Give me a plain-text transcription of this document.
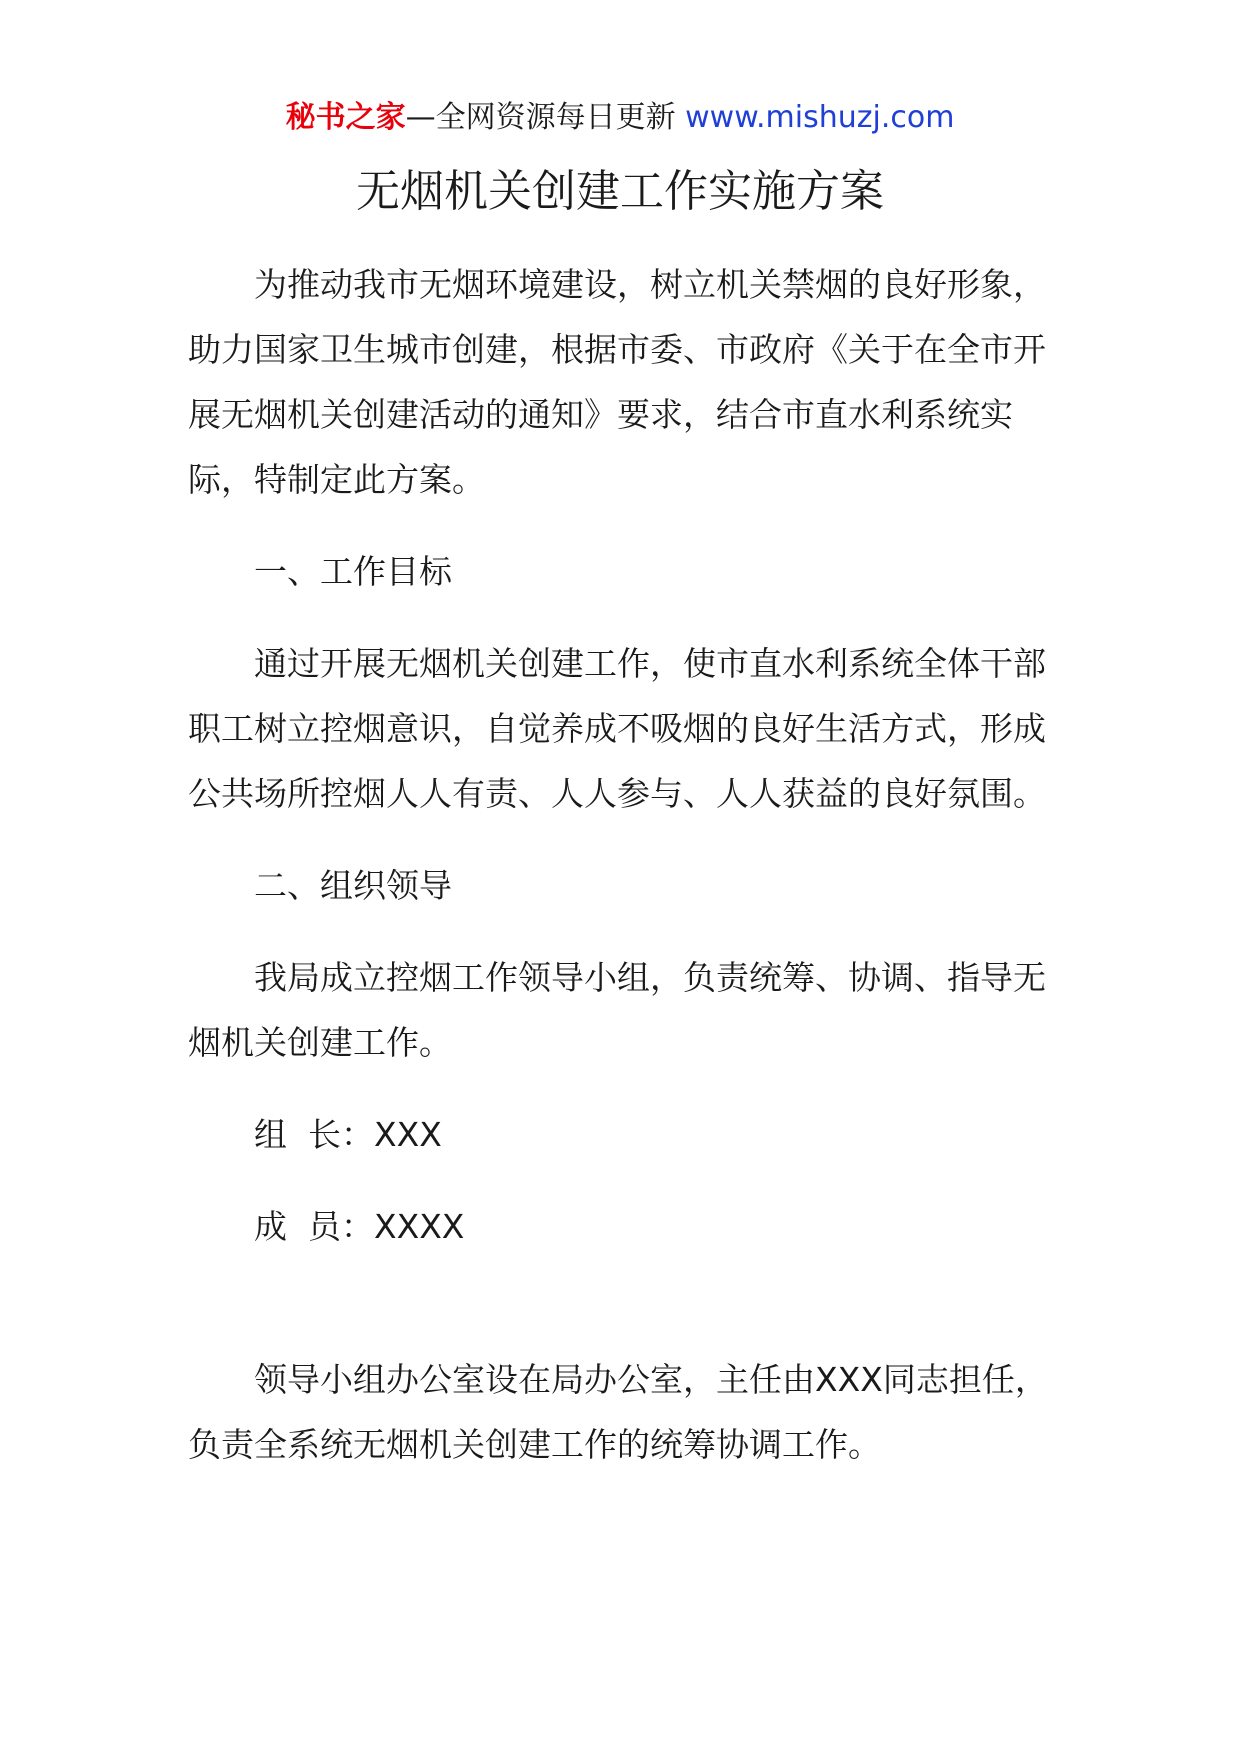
秘书之家—全网资源每日更新 www.mishuzj.com
无烟机关创建工作实施方案

为推动我市无烟环境建设，树立机关禁烟的良好形象，助力国家卫生城市创建，根据市委、市政府《关于在全市开展无烟机关创建活动的通知》要求，结合市直水利系统实际，特制定此方案。

一、工作目标

通过开展无烟机关创建工作，使市直水利系统全体干部职工树立控烟意识，自觉养成不吸烟的良好生活方式，形成公共场所控烟人人有责、人人参与、人人获益的良好氛围。

二、组织领导

我局成立控烟工作领导小组，负责统筹、协调、指导无烟机关创建工作。

组  长：XXX

成  员：XXXX

领导小组办公室设在局办公室，主任由XXX同志担任，负责全系统无烟机关创建工作的统筹协调工作。
